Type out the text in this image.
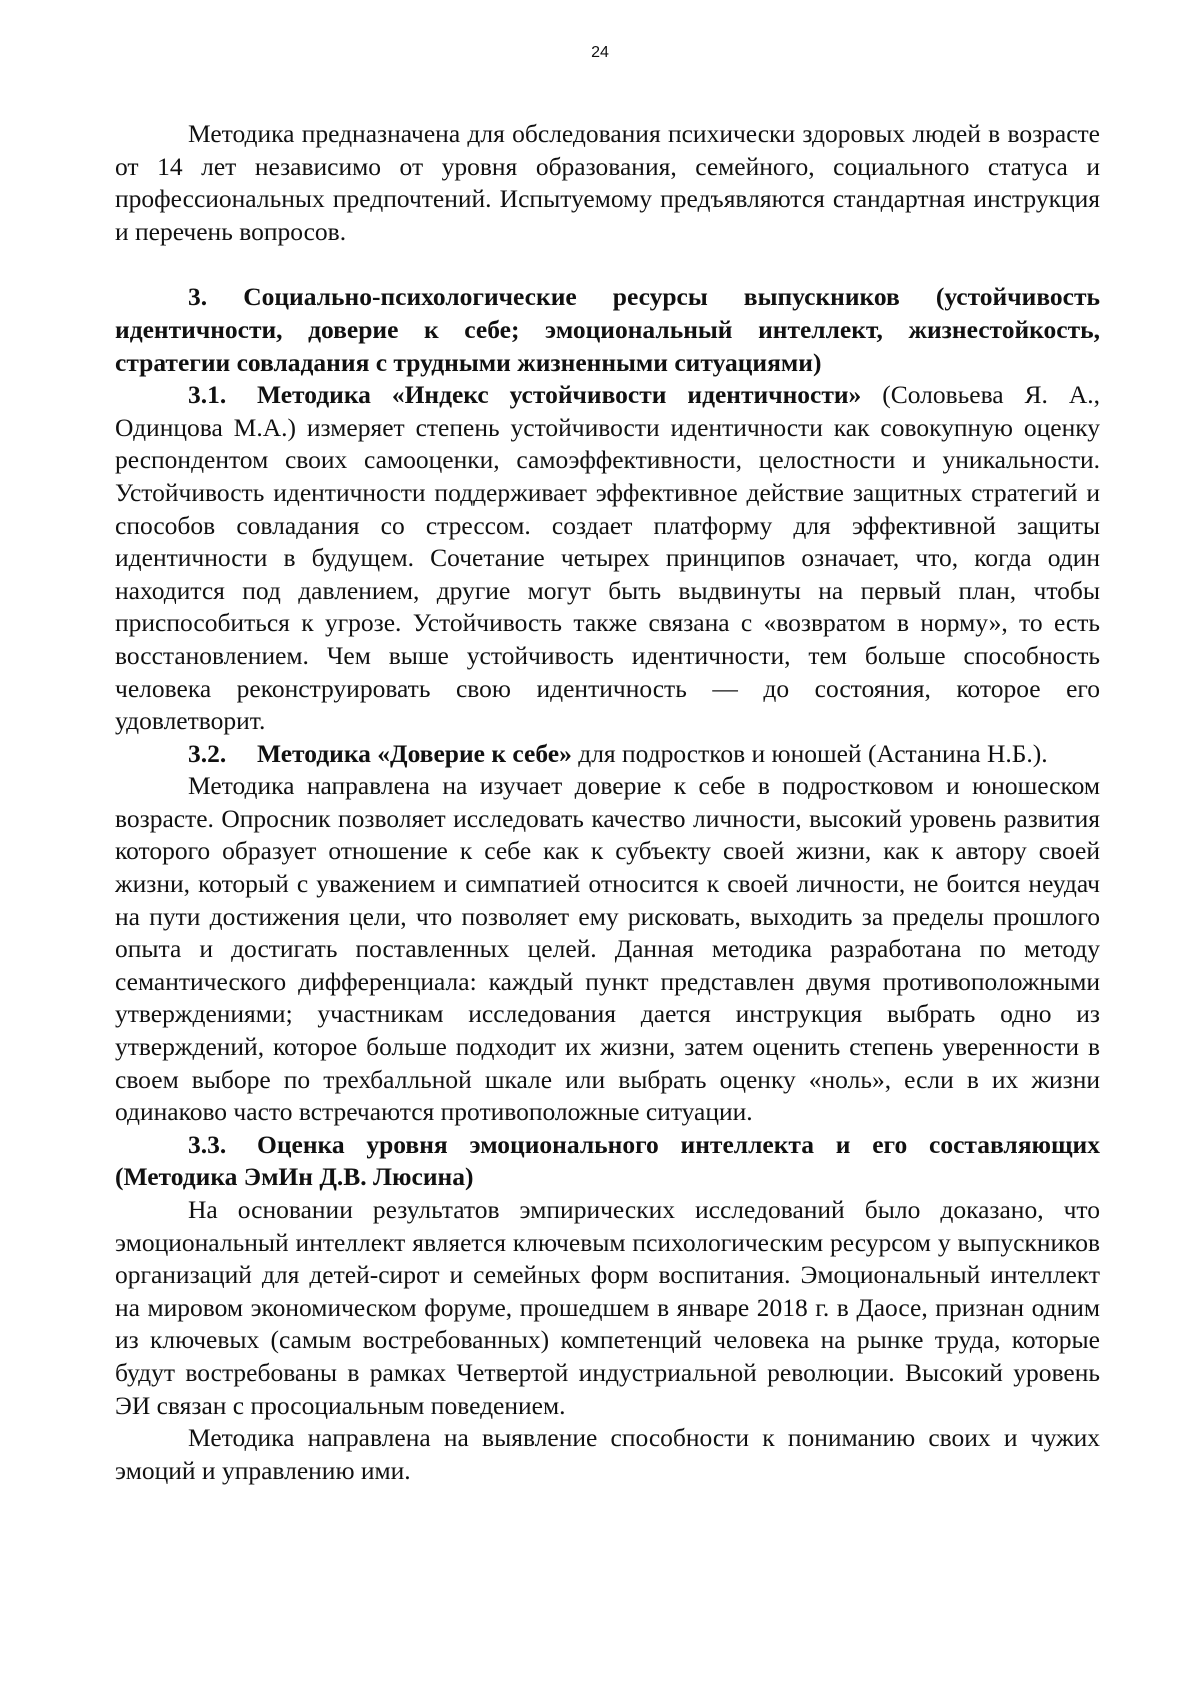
24

Методика предназначена для обследования психически здоровых людей в возрасте от 14 лет независимо от уровня образования, семейного, социального статуса и профессиональных предпочтений. Испытуемому предъявляются стандартная инструкция и перечень вопросов.

3. Социально-психологические ресурсы выпускников (устойчивость идентичности, доверие к себе; эмоциональный интеллект, жизнестойкость, стратегии совладания с трудными жизненными ситуациями)

3.1. Методика «Индекс устойчивости идентичности» (Соловьева Я. А., Одинцова М.А.) измеряет степень устойчивости идентичности как совокупную оценку респондентом своих самооценки, самоэффективности, целостности и уникальности. Устойчивость идентичности поддерживает эффективное действие защитных стратегий и способов совладания со стрессом. создает платформу для эффективной защиты идентичности в будущем. Сочетание четырех принципов означает, что, когда один находится под давлением, другие могут быть выдвинуты на первый план, чтобы приспособиться к угрозе. Устойчивость также связана с «возвратом в норму», то есть восстановлением. Чем выше устойчивость идентичности, тем больше способность человека реконструировать свою идентичность — до состояния, которое его удовлетворит.

3.2. Методика «Доверие к себе» для подростков и юношей (Астанина Н.Б.).

Методика направлена на изучает доверие к себе в подростковом и юношеском возрасте. Опросник позволяет исследовать качество личности, высокий уровень развития которого образует отношение к себе как к субъекту своей жизни, как к автору своей жизни, который с уважением и симпатией относится к своей личности, не боится неудач на пути достижения цели, что позволяет ему рисковать, выходить за пределы прошлого опыта и достигать поставленных целей. Данная методика разработана по методу семантического дифференциала: каждый пункт представлен двумя противоположными утверждениями; участникам исследования дается инструкция выбрать одно из утверждений, которое больше подходит их жизни, затем оценить степень уверенности в своем выборе по трехбалльной шкале или выбрать оценку «ноль», если в их жизни одинаково часто встречаются противоположные ситуации.

3.3. Оценка уровня эмоционального интеллекта и его составляющих (Методика ЭмИн Д.В. Люсина)

На основании результатов эмпирических исследований было доказано, что эмоциональный интеллект является ключевым психологическим ресурсом у выпускников организаций для детей-сирот и семейных форм воспитания. Эмоциональный интеллект на мировом экономическом форуме, прошедшем в январе 2018 г. в Даосе, признан одним из ключевых (самым востребованных) компетенций человека на рынке труда, которые будут востребованы в рамках Четвертой индустриальной революции. Высокий уровень ЭИ связан с просоциальным поведением.

Методика направлена на выявление способности к пониманию своих и чужих эмоций и управлению ими.
